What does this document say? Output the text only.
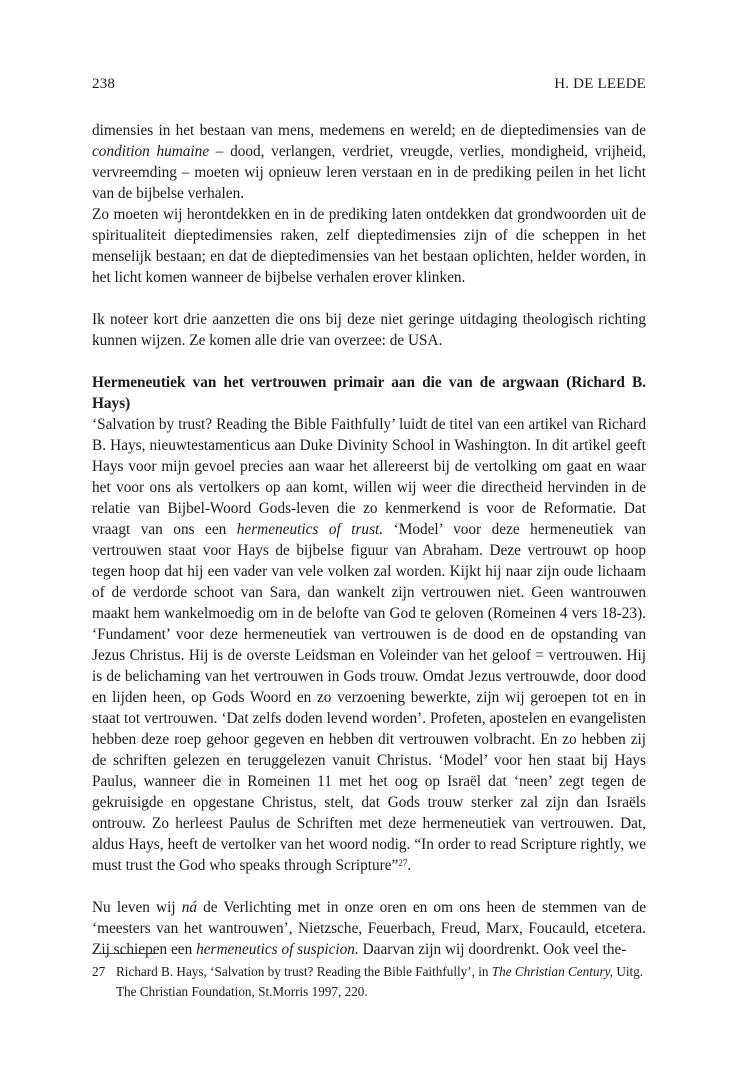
238	H. DE LEEDE

dimensies in het bestaan van mens, medemens en wereld; en de dieptedimensies van de condition humaine – dood, verlangen, verdriet, vreugde, verlies, mondigheid, vrijheid, vervreemding – moeten wij opnieuw leren verstaan en in de prediking peilen in het licht van de bijbelse verhalen.

Zo moeten wij herontdekken en in de prediking laten ontdekken dat grondwoorden uit de spiritualiteit dieptedimensies raken, zelf dieptedimensies zijn of die scheppen in het menselijk bestaan; en dat de dieptedimensies van het bestaan oplichten, helder worden, in het licht komen wanneer de bijbelse verhalen erover klinken.

Ik noteer kort drie aanzetten die ons bij deze niet geringe uitdaging theologisch richting kunnen wijzen. Ze komen alle drie van overzee: de USA.

Hermeneutiek van het vertrouwen primair aan die van de argwaan (Richard B. Hays)

‘Salvation by trust? Reading the Bible Faithfully’ luidt de titel van een artikel van Richard B. Hays, nieuwtestamenticus aan Duke Divinity School in Washington. In dit artikel geeft Hays voor mijn gevoel precies aan waar het allereerst bij de vertolking om gaat en waar het voor ons als vertolkers op aan komt, willen wij weer die directheid hervinden in de relatie van Bijbel-Woord Gods-leven die zo kenmerkend is voor de Reformatie. Dat vraagt van ons een hermeneutics of trust. ‘Model’ voor deze hermeneutiek van vertrouwen staat voor Hays de bijbelse figuur van Abraham. Deze vertrouwt op hoop tegen hoop dat hij een vader van vele volken zal worden. Kijkt hij naar zijn oude lichaam of de verdorde schoot van Sara, dan wankelt zijn vertrouwen niet. Geen wantrouwen maakt hem wankelmoedig om in de belofte van God te geloven (Romeinen 4 vers 18-23). ‘Fundament’ voor deze hermeneutiek van vertrouwen is de dood en de opstanding van Jezus Christus. Hij is de overste Leidsman en Voleinder van het geloof = vertrouwen. Hij is de belichaming van het vertrouwen in Gods trouw. Omdat Jezus vertrouwde, door dood en lijden heen, op Gods Woord en zo verzoening bewerkte, zijn wij geroepen tot en in staat tot vertrouwen. ‘Dat zelfs doden levend worden’. Profeten, apostelen en evangelisten hebben deze roep gehoor gegeven en hebben dit vertrouwen volbracht. En zo hebben zij de schriften gelezen en teruggelezen vanuit Christus. ‘Model’ voor hen staat bij Hays Paulus, wanneer die in Romeinen 11 met het oog op Israël dat ‘neen’ zegt tegen de gekruisigde en opgestane Christus, stelt, dat Gods trouw sterker zal zijn dan Israëls ontrouw. Zo herleest Paulus de Schriften met deze hermeneutiek van vertrouwen. Dat, aldus Hays, heeft de vertolker van het woord nodig. “In order to read Scripture rightly, we must trust the God who speaks through Scripture”$^{27}$.

Nu leven wij ná de Verlichting met in onze oren en om ons heen de stemmen van de ‘meesters van het wantrouwen’, Nietzsche, Feuerbach, Freud, Marx, Foucauld, etcetera. Zij schiepen een hermeneutics of suspicion. Daarvan zijn wij doordrenkt. Ook veel the-

27 Richard B. Hays, ‘Salvation by trust? Reading the Bible Faithfully’, in The Christian Century, Uitg. The Christian Foundation, St.Morris 1997, 220.
